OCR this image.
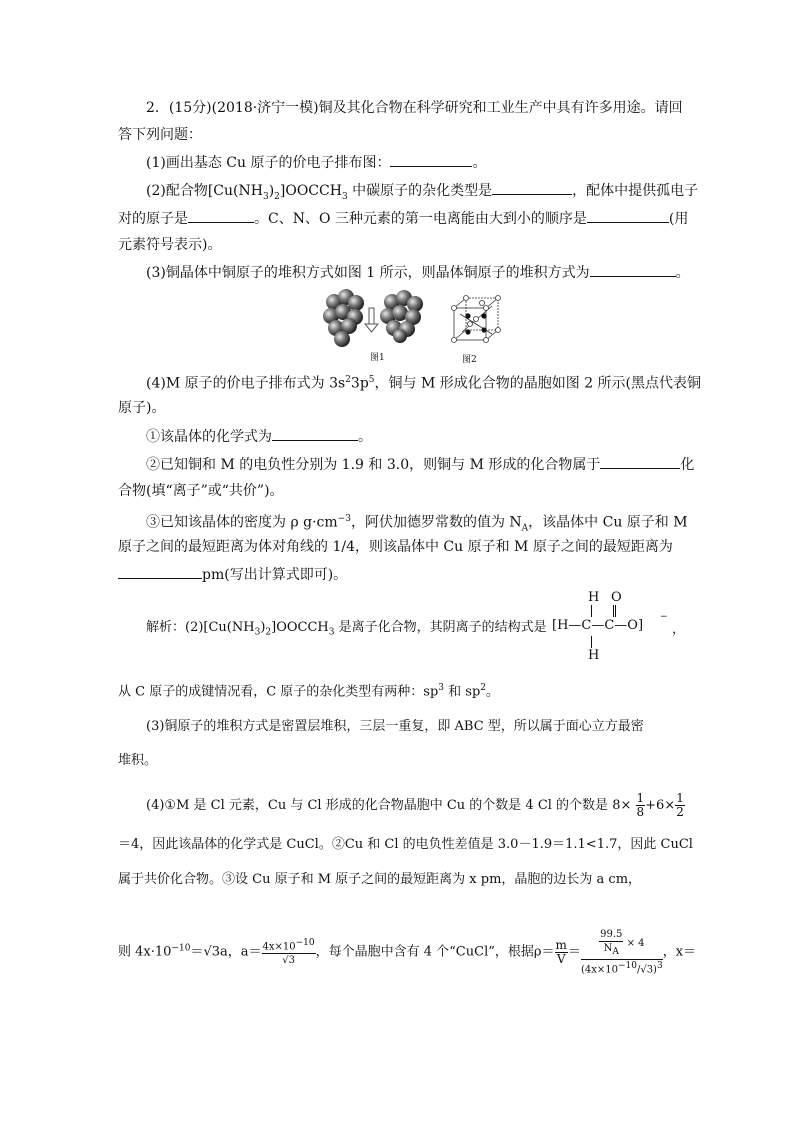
2．(15分)(2018·济宁一模)铜及其化合物在科学研究和工业生产中具有许多用途。请回
答下列问题：
(1)画出基态 Cu 原子的价电子排布图：	。
(2)配合物$[Cu(NH_3)_2]OOCCH_3$ 中碳原子的杂化类型是	，配体中提供孤电子
对的原子是	。C、N、O 三种元素的第一电离能由大到小的顺序是	(用
元素符号表示)。
(3)铜晶体中铜原子的堆积方式如图 1 所示，则晶体铜原子的堆积方式为	。
图1	图2
(4)M 原子的价电子排布式为 $3s^23p^5$，铜与 M 形成化合物的晶胞如图 2 所示(黑点代表铜
原子)。
①该晶体的化学式为	。
②已知铜和 M 的电负性分别为 1.9 和 3.0，则铜与 M 形成的化合物属于	化
合物(填“离子”或“共价”)。
③已知该晶体的密度为 ρ $g\cdot cm^{-3}$，阿伏加德罗常数的值为 $N_A$，该晶体中 Cu 原子和 M
原子之间的最短距离为体对角线的 1/4，则该晶体中 Cu 原子和 M 原子之间的最短距离为
pm(写出计算式即可)。
解析：$(2)[Cu(NH_3)_2]OOCCH_3$ 是离子化合物，其阴离子的结构式是
H O
[H—C—C—O]
−
H
，
从 C 原子的成键情况看，C 原子的杂化类型有两种：$sp^3$ 和 $sp^2$。
(3)铜原子的堆积方式是密置层堆积，三层一重复，即 ABC 型，所以属于面心立方最密
堆积。
(4)①M 是 Cl 元素，Cu 与 Cl 形成的化合物晶胞中 Cu 的个数是 4 Cl 的个数是 $8\times \frac{1}{8} +6\times \frac{1}{2}$
＝4，因此该晶体的化学式是 CuCl。②Cu 和 Cl 的电负性差值是 3.0－1.9＝1.1<1.7，因此 CuCl
属于共价化合物。③设 Cu 原子和 M 原子之间的最短距离为 x pm，晶胞的边长为 a cm，
则 $4x\cdot 10^{-10}=√3a$，$a= \frac{4x\times 10^{-10}}{√3}$ ，每个晶胞中含有 4 个“CuCl”，根据$\rho= \frac{m}{V} = \frac{\frac{99.5}{N_A} \times 4}{(4x\times 10^{-10}/√3)^3}$ ，x＝
